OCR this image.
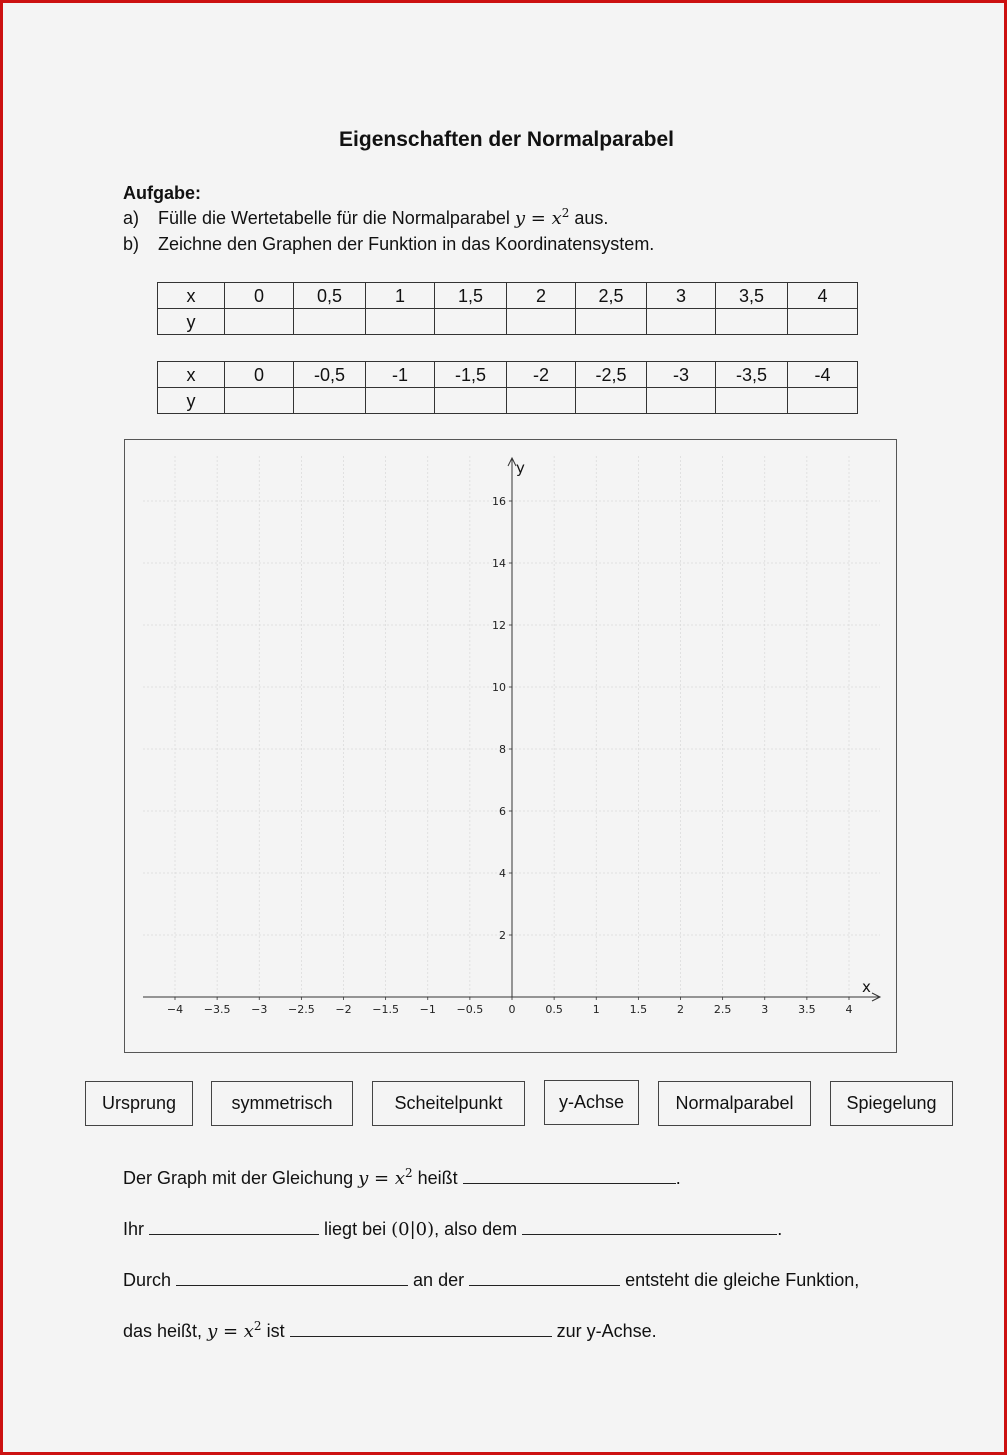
Eigenschaften der Normalparabel
Aufgabe:
a) Fülle die Wertetabelle für die Normalparabel $y = x^2$ aus.
b) Zeichne den Graphen der Funktion in das Koordinatensystem.
x	0	0,5	1	1,5	2	2,5	3	3,5	4
y									
x	0	-0,5	-1	-1,5	-2	-2,5	-3	-3,5	-4
y									
x
y
−4 −3.5 −3 −2.5 −2 −1.5 −1 −0.5 0	0.5	1	1.5	2	2.5	3	3.5	4
2
4
6
8
10
12
14
16
Ursprung	symmetrisch	Scheitelpunkt	y-Achse	Normalparabel	Spiegelung
Der Graph mit der Gleichung $y = x^2$ heißt	.
Ihr	liegt bei (0|0), also dem	.
Durch	an der	entsteht die gleiche Funktion,
das heißt, $y = x^2$ ist	zur y-Achse.
